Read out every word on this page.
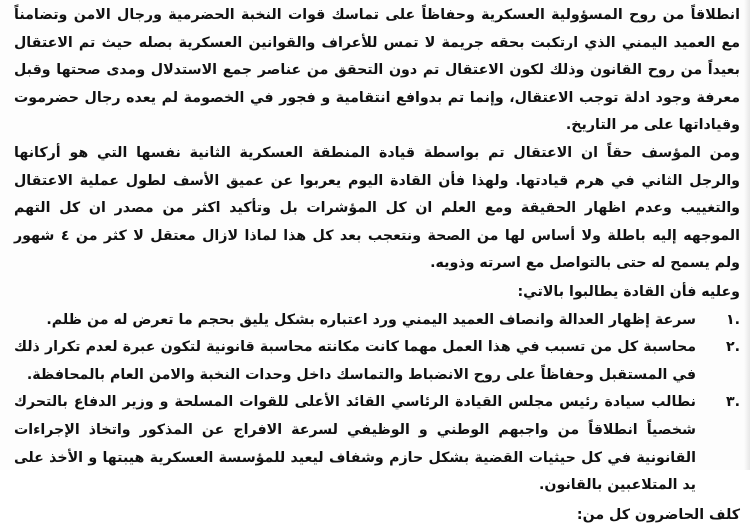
انطلاقاً من روح المسؤولية العسكرية وحفاظاً على تماسك قوات النخبة الحضرمية ورجال الامن وتضامناً مع العميد اليمني الذي ارتكبت بحقه جريمة لا تمس للأعراف والقوانين العسكرية بصله حيث تم الاعتقال بعيداً من روح القانون وذلك لكون الاعتقال تم دون التحقق من عناصر جمع الاستدلال ومدى صحتها وقبل معرفة وجود ادلة توجب الاعتقال، وإنما تم بدوافع انتقامية و فجور في الخصومة لم يعده رجال حضرموت وقياداتها على مر التاريخ.

ومن المؤسف حقاً ان الاعتقال تم بواسطة قيادة المنطقة العسكرية الثانية نفسها التي هو أركانها والرجل الثاني في هرم قيادتها. ولهذا فأن القادة اليوم يعربوا عن عميق الأسف لطول عملية الاعتقال والتغييب وعدم اظهار الحقيقة ومع العلم ان كل المؤشرات بل وتأكيد اكثر من مصدر ان كل التهم الموجهه إليه باطلة ولا أساس لها من الصحة ونتعجب بعد كل هذا لماذا لازال معتقل لا كثر من ٤ شهور ولم يسمح له حتى بالتواصل مع اسرته وذويه.

وعليه فأن القادة يطالبوا بالاتي:

١.
سرعة إظهار العدالة وانصاف العميد اليمني ورد اعتباره بشكل يليق بحجم ما تعرض له من ظلم.
٢.
محاسبة كل من تسبب في هذا العمل مهما كانت مكانته محاسبة قانونية لتكون عبرة لعدم تكرار ذلك في المستقبل وحفاظاً على روح الانضباط والتماسك داخل وحدات النخبة والامن العام بالمحافظة.
٣.
نطالب سيادة رئيس مجلس القيادة الرئاسي القائد الأعلى للقوات المسلحة و وزير الدفاع بالتحرك شخصياً انطلاقاً من واجبهم الوطني و الوظيفي لسرعة الافراج عن المذكور واتخاذ الإجراءات القانونية في كل حيثيات القضية بشكل حازم وشفاف ليعيد للمؤسسة العسكرية هيبتها و الأخذ على يد المتلاعبين بالقانون.
كلف الحاضرون كل من:
